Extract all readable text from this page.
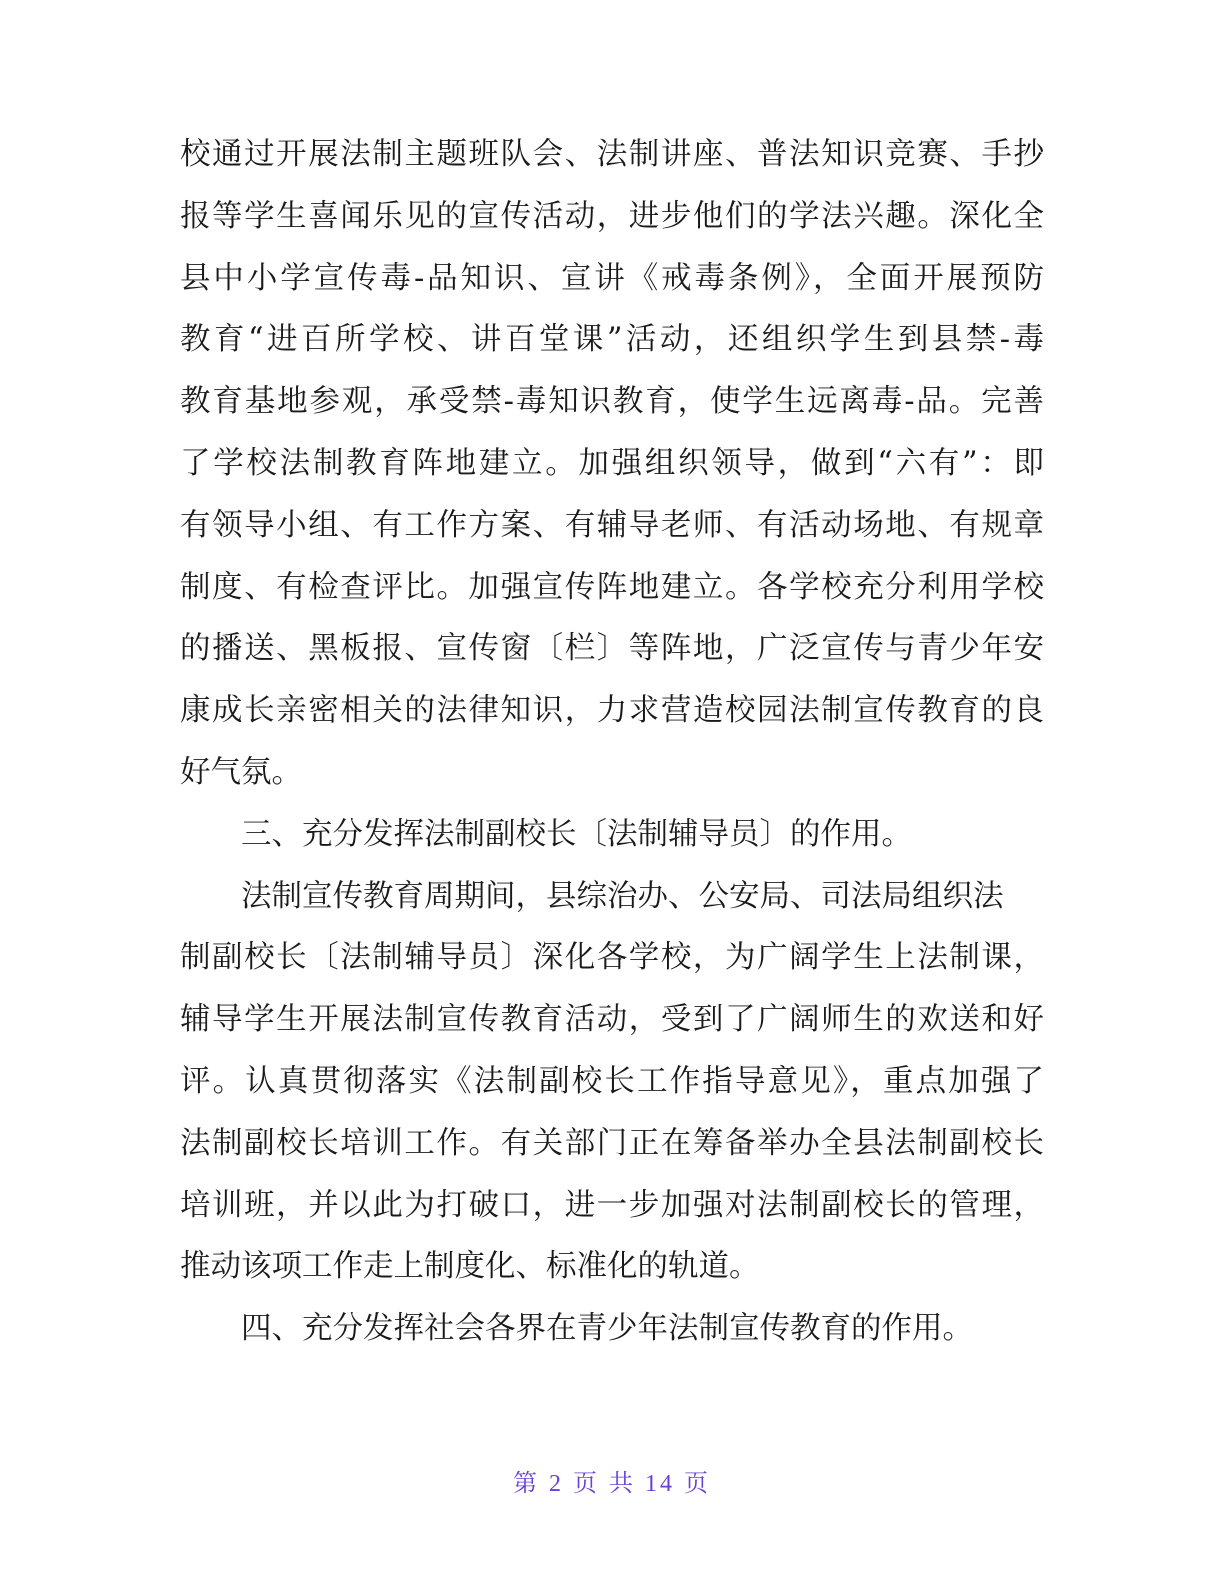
校通过开展法制主题班队会、法制讲座、普法知识竞赛、手抄
报等学生喜闻乐见的宣传活动，进步他们的学法兴趣。深化全
县中小学宣传毒-品知识、宣讲《戒毒条例》，全面开展预防
教育“进百所学校、讲百堂课”活动，还组织学生到县禁-毒
教育基地参观，承受禁-毒知识教育，使学生远离毒-品。完善
了学校法制教育阵地建立。加强组织领导，做到“六有”：即
有领导小组、有工作方案、有辅导老师、有活动场地、有规章
制度、有检查评比。加强宣传阵地建立。各学校充分利用学校
的播送、黑板报、宣传窗〔栏〕等阵地，广泛宣传与青少年安
康成长亲密相关的法律知识，力求营造校园法制宣传教育的良
好气氛。
三、充分发挥法制副校长〔法制辅导员〕的作用。
法制宣传教育周期间，县综治办、公安局、司法局组织法
制副校长〔法制辅导员〕深化各学校，为广阔学生上法制课，
辅导学生开展法制宣传教育活动，受到了广阔师生的欢送和好
评。认真贯彻落实《法制副校长工作指导意见》，重点加强了
法制副校长培训工作。有关部门正在筹备举办全县法制副校长
培训班，并以此为打破口，进一步加强对法制副校长的管理，
推动该项工作走上制度化、标准化的轨道。
四、充分发挥社会各界在青少年法制宣传教育的作用。
第 2 页 共 14 页
